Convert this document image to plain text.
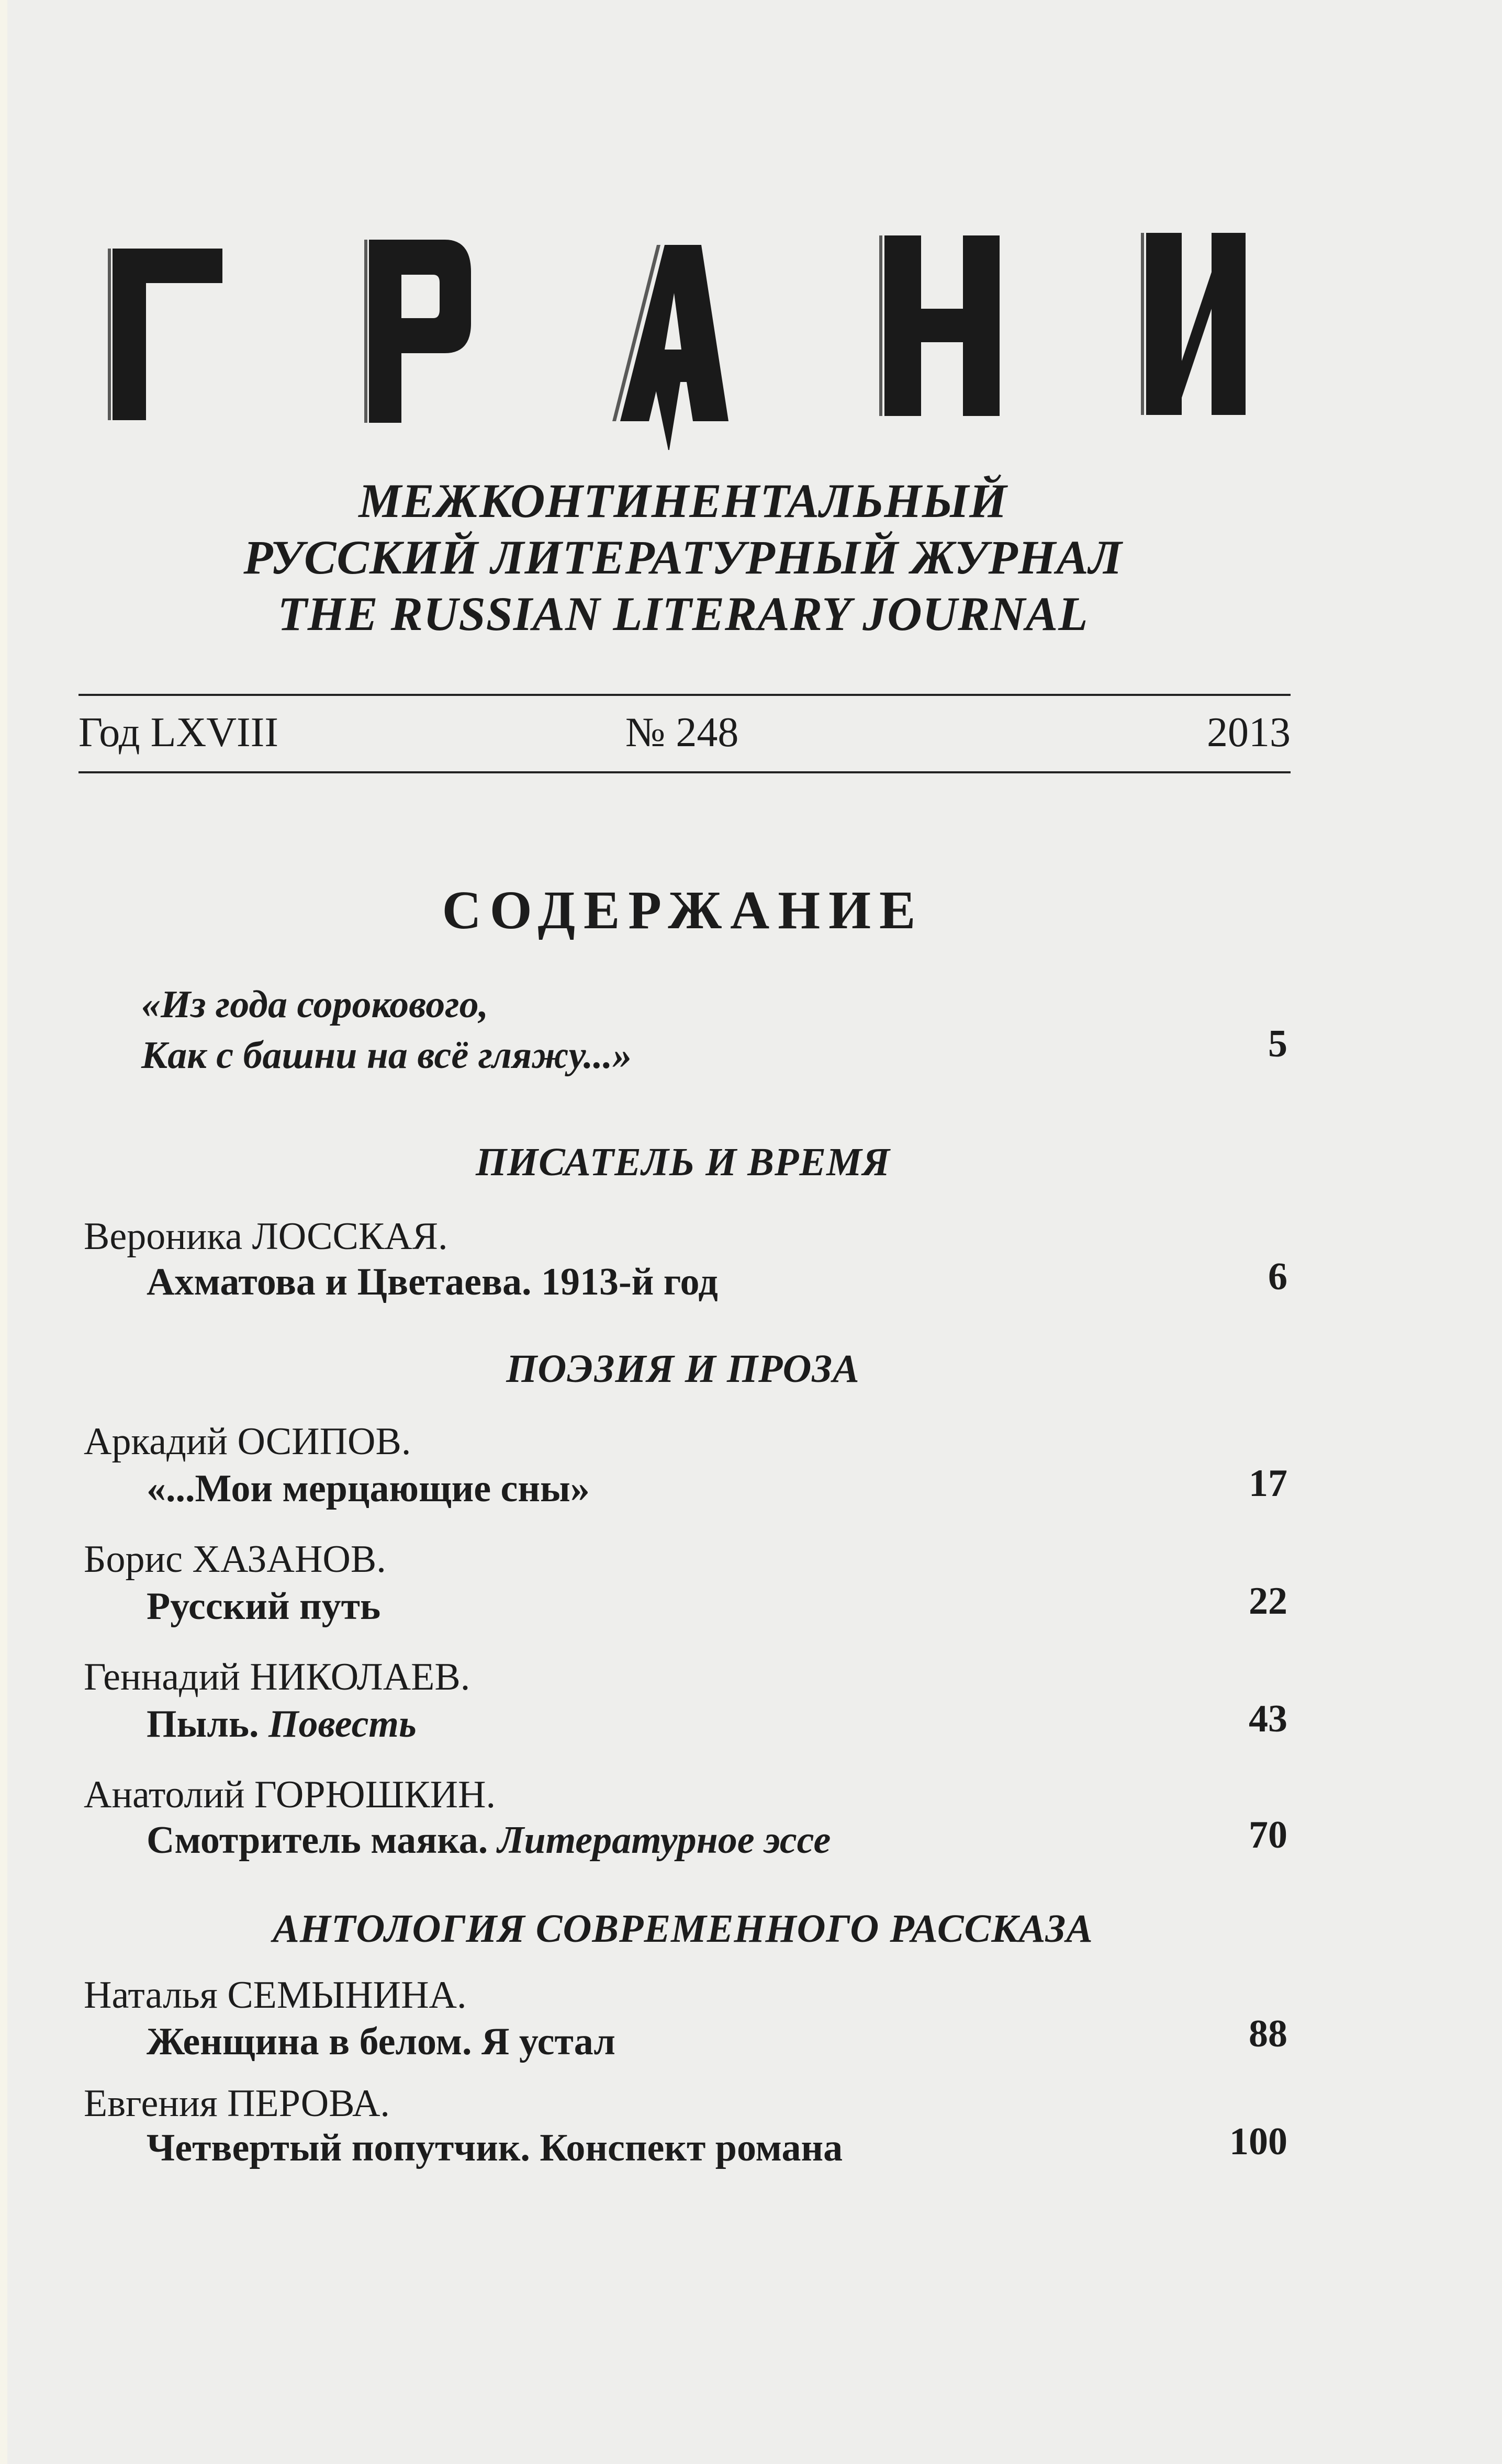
МЕЖКОНТИНЕНТАЛЬНЫЙ
РУССКИЙ ЛИТЕРАТУРНЫЙ ЖУРНАЛ
THE RUSSIAN LITERARY JOURNAL
Год LXVIII	№ 248	2013
СОДЕРЖАНИЕ
«Из года сорокового,
Как с башни на всё гляжу...»	5
ПИСАТЕЛЬ И ВРЕМЯ
Вероника ЛОССКАЯ.
Ахматова и Цветаева. 1913-й год	6
ПОЭЗИЯ И ПРОЗА
Аркадий ОСИПОВ.
«...Мои мерцающие сны»	17
Борис ХАЗАНОВ.
Русский путь	22
Геннадий НИКОЛАЕВ.
Пыль. Повесть	43
Анатолий ГОРЮШКИН.
Смотритель маяка. Литературное эссе	70
АНТОЛОГИЯ СОВРЕМЕННОГО РАССКАЗА
Наталья СЕМЫНИНА.
Женщина в белом. Я устал	88
Евгения ПЕРОВА.
Четвертый попутчик. Конспект романа	100
